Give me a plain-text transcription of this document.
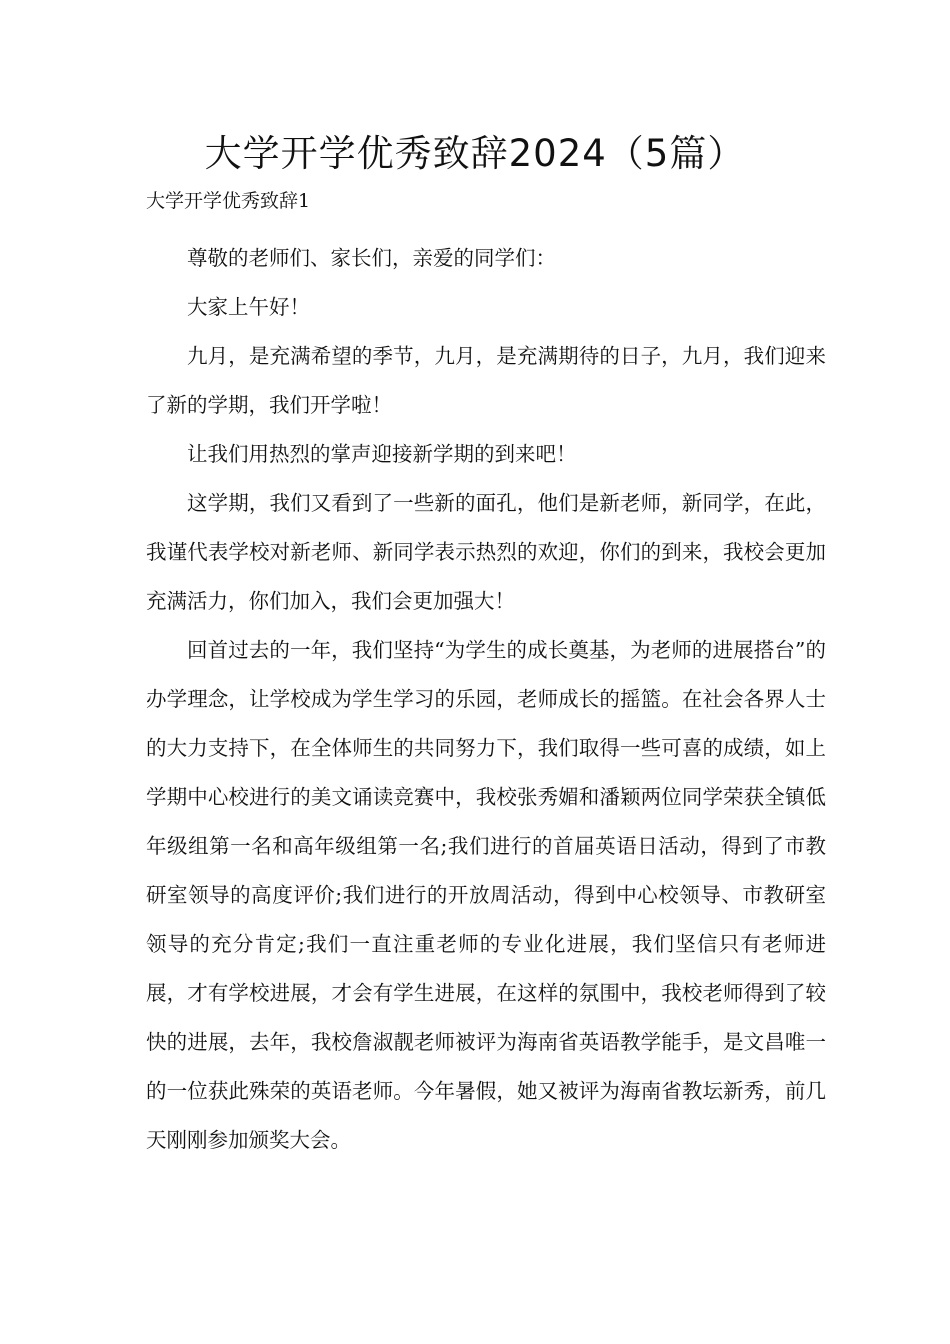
大学开学优秀致辞2024（5篇）
大学开学优秀致辞1

尊敬的老师们、家长们，亲爱的同学们：

大家上午好！

九月，是充满希望的季节，九月，是充满期待的日子，九月，我们迎来了新的学期，我们开学啦！

让我们用热烈的掌声迎接新学期的到来吧！

这学期，我们又看到了一些新的面孔，他们是新老师，新同学，在此，我谨代表学校对新老师、新同学表示热烈的欢迎，你们的到来，我校会更加充满活力，你们加入，我们会更加强大！

回首过去的一年，我们坚持“为学生的成长奠基，为老师的进展搭台”的办学理念，让学校成为学生学习的乐园，老师成长的摇篮。在社会各界人士的大力支持下，在全体师生的共同努力下，我们取得一些可喜的成绩，如上学期中心校进行的美文诵读竞赛中，我校张秀媚和潘颖两位同学荣获全镇低年级组第一名和高年级组第一名;我们进行的首届英语日活动，得到了市教研室领导的高度评价;我们进行的开放周活动，得到中心校领导、市教研室领导的充分肯定;我们一直注重老师的专业化进展，我们坚信只有老师进展，才有学校进展，才会有学生进展，在这样的氛围中，我校老师得到了较快的进展，去年，我校詹淑靓老师被评为海南省英语教学能手，是文昌唯一的一位获此殊荣的英语老师。今年暑假，她又被评为海南省教坛新秀，前几天刚刚参加颁奖大会。
